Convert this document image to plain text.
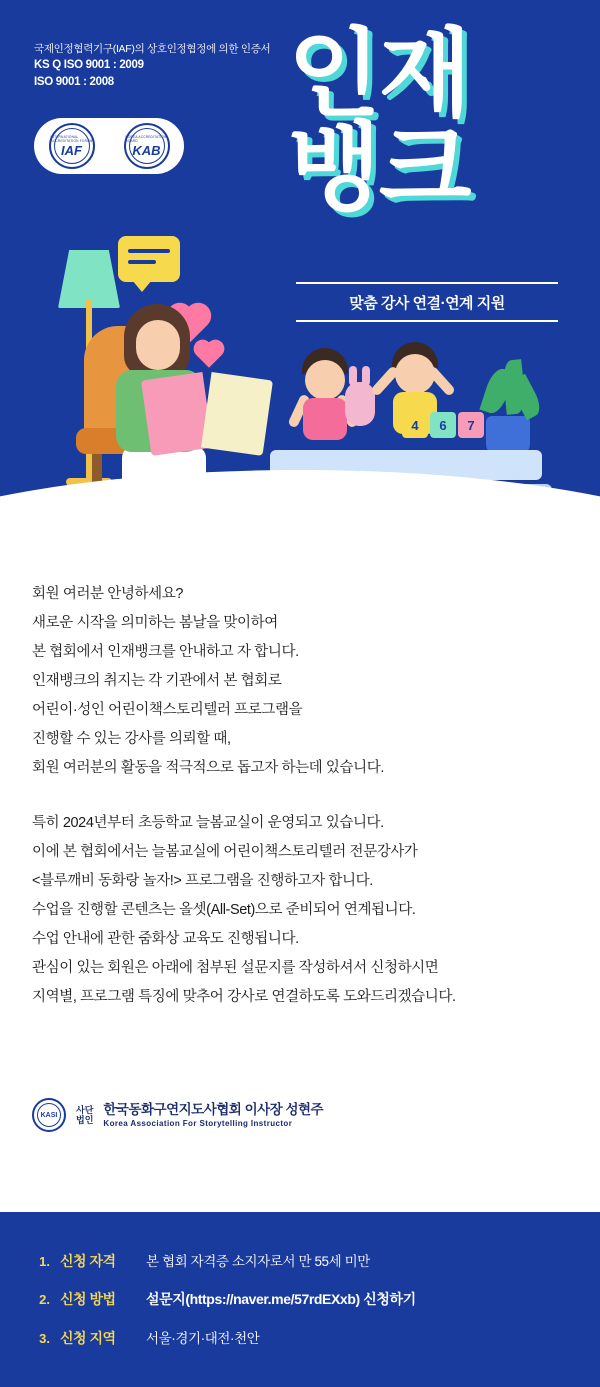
국제인정협력기구(IAF)의 상호인정협정에 의한 인증서
KS Q ISO 9001 : 2009
ISO 9001 : 2008
INTERNATIONAL ACCREDITATION FORUM
IAF
KOREA ACCREDITATION BOARD
KAB
인재
뱅크
맞춤 강사 연결·연계 지원
4	6	7

회원 여러분 안녕하세요?

새로운 시작을 의미하는 봄날을 맞이하여

본 협회에서 인재뱅크를 안내하고 자 합니다.

인재뱅크의 취지는 각 기관에서 본 협회로

어린이·성인 어린이책스토리텔러 프로그램을

진행할 수 있는 강사를 의뢰할 때,

회원 여러분의 활동을 적극적으로 돕고자 하는데 있습니다.

특히 2024년부터 초등학교 늘봄교실이 운영되고 있습니다.

이에 본 협회에서는 늘봄교실에 어린이책스토리텔러 전문강사가

<블루깨비 동화랑 놀자!> 프로그램을 진행하고자 합니다.

수업을 진행할 콘텐츠는 올셋(All-Set)으로 준비되어 연계됩니다.

수업 안내에 관한 줌화상 교육도 진행됩니다.

관심이 있는 회원은 아래에 첨부된 설문지를 작성하셔서 신청하시면

지역별, 프로그램 특징에 맞추어 강사로 연결하도록 도와드리겠습니다.

KASI
사단
법인
한국동화구연지도사협회 이사장 성현주
Korea Association For Storytelling Instructor
1. 신청 자격	본 협회 자격증 소지자로서 만 55세 미만
2. 신청 방법	설문지(https://naver.me/57rdEXxb) 신청하기
3. 신청 지역	서울·경기·대전·천안
